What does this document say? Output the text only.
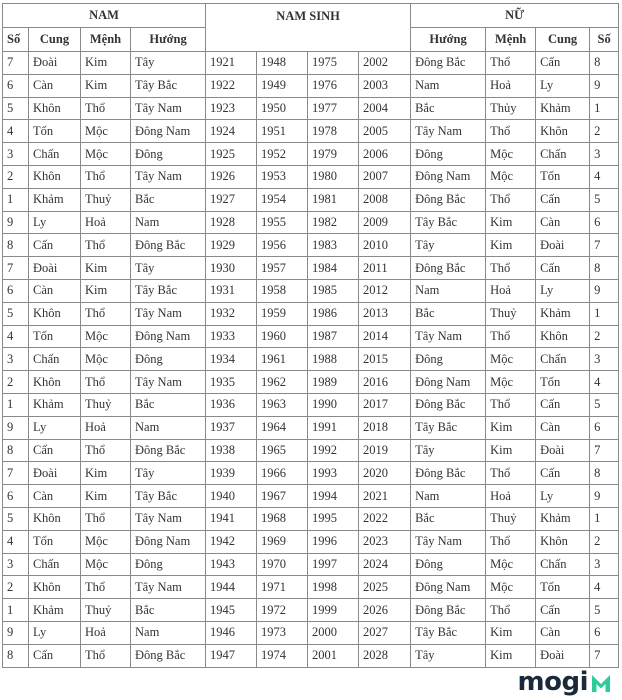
NAM				NAM SINH				NỮ			
Số	Cung	Mệnh	Hướng					Hướng	Mệnh	Cung	Số
7	Đoài	Kim	Tây	1921	1948	1975	2002	Đông Bắc	Thổ	Cấn	8
6	Càn	Kim	Tây Bắc	1922	1949	1976	2003	Nam	Hoả	Ly	9
5	Khôn	Thổ	Tây Nam	1923	1950	1977	2004	Bắc	Thủy	Khảm	1
4	Tốn	Mộc	Đông Nam	1924	1951	1978	2005	Tây Nam	Thổ	Khôn	2
3	Chấn	Mộc	Đông	1925	1952	1979	2006	Đông	Mộc	Chấn	3
2	Khôn	Thổ	Tây Nam	1926	1953	1980	2007	Đông Nam	Mộc	Tốn	4
1	Khảm	Thuỷ	Bắc	1927	1954	1981	2008	Đông Bắc	Thổ	Cấn	5
9	Ly	Hoả	Nam	1928	1955	1982	2009	Tây Bắc	Kim	Càn	6
8	Cấn	Thổ	Đông Bắc	1929	1956	1983	2010	Tây	Kim	Đoài	7
7	Đoài	Kim	Tây	1930	1957	1984	2011	Đông Bắc	Thổ	Cấn	8
6	Càn	Kim	Tây Bắc	1931	1958	1985	2012	Nam	Hoả	Ly	9
5	Khôn	Thổ	Tây Nam	1932	1959	1986	2013	Bắc	Thuỷ	Khảm	1
4	Tốn	Mộc	Đông Nam	1933	1960	1987	2014	Tây Nam	Thổ	Khôn	2
3	Chấn	Mộc	Đông	1934	1961	1988	2015	Đông	Mộc	Chấn	3
2	Khôn	Thổ	Tây Nam	1935	1962	1989	2016	Đông Nam	Mộc	Tốn	4
1	Khảm	Thuỷ	Bắc	1936	1963	1990	2017	Đông Bắc	Thổ	Cấn	5
9	Ly	Hoả	Nam	1937	1964	1991	2018	Tây Bắc	Kim	Càn	6
8	Cấn	Thổ	Đông Bắc	1938	1965	1992	2019	Tây	Kim	Đoài	7
7	Đoài	Kim	Tây	1939	1966	1993	2020	Đông Bắc	Thổ	Cấn	8
6	Càn	Kim	Tây Bắc	1940	1967	1994	2021	Nam	Hoả	Ly	9
5	Khôn	Thổ	Tây Nam	1941	1968	1995	2022	Bắc	Thuỷ	Khảm	1
4	Tốn	Mộc	Đông Nam	1942	1969	1996	2023	Tây Nam	Thổ	Khôn	2
3	Chấn	Mộc	Đông	1943	1970	1997	2024	Đông	Mộc	Chấn	3
2	Khôn	Thổ	Tây Nam	1944	1971	1998	2025	Đông Nam	Mộc	Tốn	4
1	Khảm	Thuỷ	Bắc	1945	1972	1999	2026	Đông Bắc	Thổ	Cấn	5
9	Ly	Hoả	Nam	1946	1973	2000	2027	Tây Bắc	Kim	Càn	6
8	Cấn	Thổ	Đông Bắc	1947	1974	2001	2028	Tây	Kim	Đoài	7
mogi
